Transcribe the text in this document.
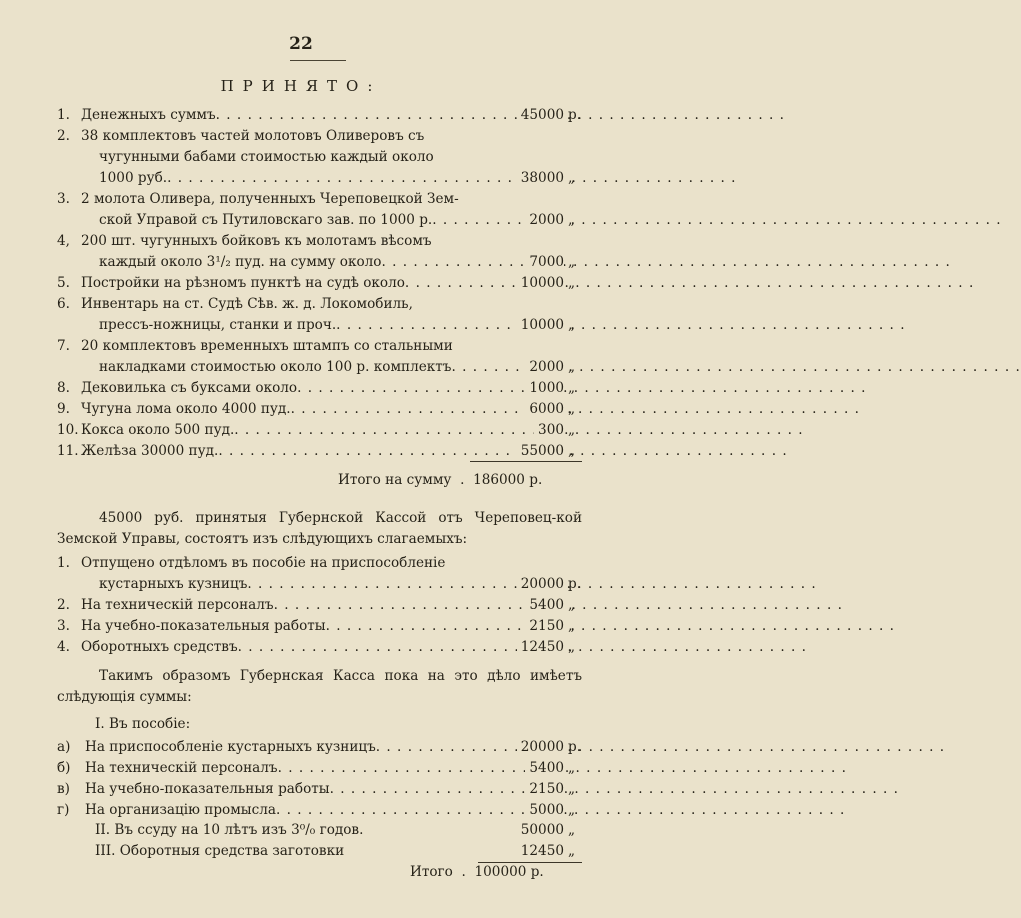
22
ПРИНЯТО:
1. Денежныхъ суммъ . . .	45000 р.
2. 38 комплектовъ частей молотовъ Оливеровъ съ
чугунными бабами стоимостью каждый около
1000 руб. . . .	38000 „
3. 2 молота Оливера, полученныхъ Череповецкой Зем-
ской Управой съ Путиловскаго зав. по 1000 р. . . .	2000 „
4, 200 шт. чугунныхъ бойковъ къ молотамъ вѣсомъ
каждый около 3¹/₂ пуд. на сумму около . . .	7000 „
5. Постройки на рѣзномъ пунктѣ на судѣ около . . .	10000 „
6. Инвентарь на ст. Судѣ Сѣв. ж. д. Локомобиль,
прессъ-ножницы, станки и проч. . . .	10000 „
7. 20 комплектовъ временныхъ штампъ со стальными
накладками стоимостью около 100 р. комплектъ . . .	2000 „
8. Дековилька съ буксами около . . .	1000 „
9. Чугуна лома около 4000 пуд. . . .	6000 „
10. Кокса около 500 пуд. . . .	300 „
11. Желѣза 30000 пуд. . . .	55000 „
Итого на сумму  .  186000 р.
45000 руб. принятыя Губернской Кассой отъ Череповец-кой Земской Управы, состоятъ изъ слѣдующихъ слагаемыхъ:
1. Отпущено отдѣломъ въ пособіе на приспособленіе
кустарныхъ кузницъ . . .	20000 р.
2. На техническій персоналъ . . .	5400 „
3. На учебно-показательныя работы . . .	2150 „
4. Оборотныхъ средствъ . . .	12450 „
Такимъ образомъ Губернская Касса пока на это дѣло имѣетъ слѣдующія суммы:
I. Въ пособіе:
а) На приспособленіе кустарныхъ кузницъ . . .	20000 р.
б) На техническій персоналъ . . .	5400 „
в) На учебно-показательныя работы . . .	2150 „
г) На организацію промысла . . .	5000 „
II. Въ ссуду на 10 лѣтъ изъ 3⁰/₀ годов.	50000 „
III. Оборотныя средства заготовки	12450 „
Итого  .  100000 р.
